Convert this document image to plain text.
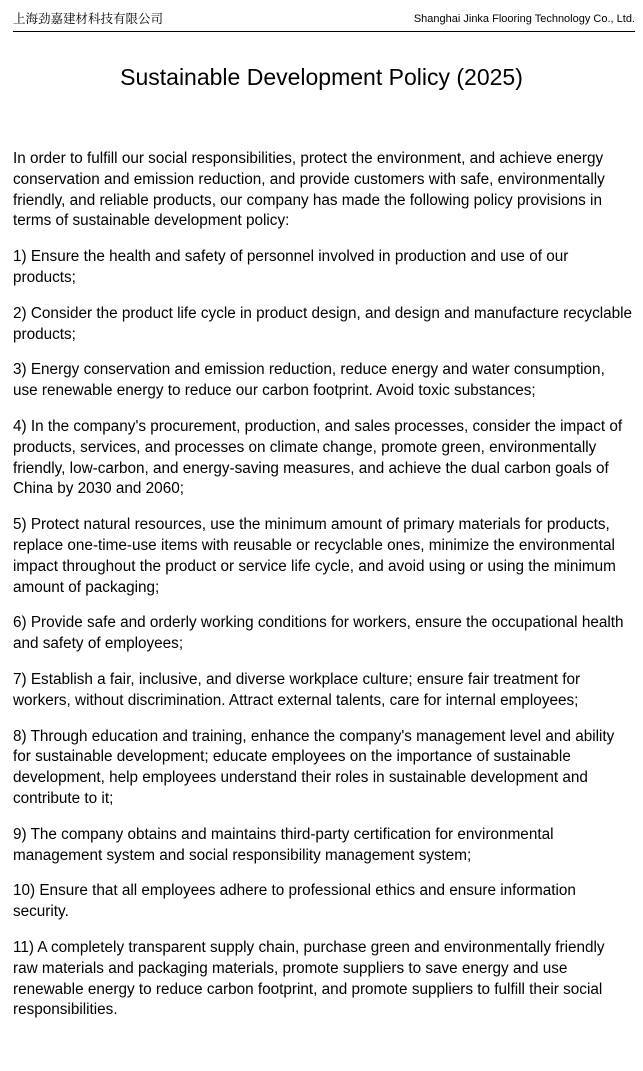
上海劲嘉建材科技有限公司	Shanghai Jinka Flooring Technology Co., Ltd.
Sustainable Development Policy (2025)

In order to fulfill our social responsibilities, protect the environment, and achieve energy conservation and emission reduction, and provide customers with safe, environmentally friendly, and reliable products, our company has made the following policy provisions in terms of sustainable development policy:

1) Ensure the health and safety of personnel involved in production and use of our products;

2) Consider the product life cycle in product design, and design and manufacture recyclable products;

3) Energy conservation and emission reduction, reduce energy and water consumption, use renewable energy to reduce our carbon footprint. Avoid toxic substances;

4) In the company's procurement, production, and sales processes, consider the impact of products, services, and processes on climate change, promote green, environmentally friendly, low-carbon, and energy-saving measures, and achieve the dual carbon goals of China by 2030 and 2060;

5) Protect natural resources, use the minimum amount of primary materials for products, replace one-time-use items with reusable or recyclable ones, minimize the environmental impact throughout the product or service life cycle, and avoid using or using the minimum amount of packaging;

6) Provide safe and orderly working conditions for workers, ensure the occupational health and safety of employees;

7) Establish a fair, inclusive, and diverse workplace culture; ensure fair treatment for workers, without discrimination. Attract external talents, care for internal employees;

8) Through education and training, enhance the company's management level and ability for sustainable development; educate employees on the importance of sustainable development, help employees understand their roles in sustainable development and contribute to it;

9) The company obtains and maintains third-party certification for environmental management system and social responsibility management system;

10) Ensure that all employees adhere to professional ethics and ensure information security.

11) A completely transparent supply chain, purchase green and environmentally friendly raw materials and packaging materials, promote suppliers to save energy and use renewable energy to reduce carbon footprint, and promote suppliers to fulfill their social responsibilities.
